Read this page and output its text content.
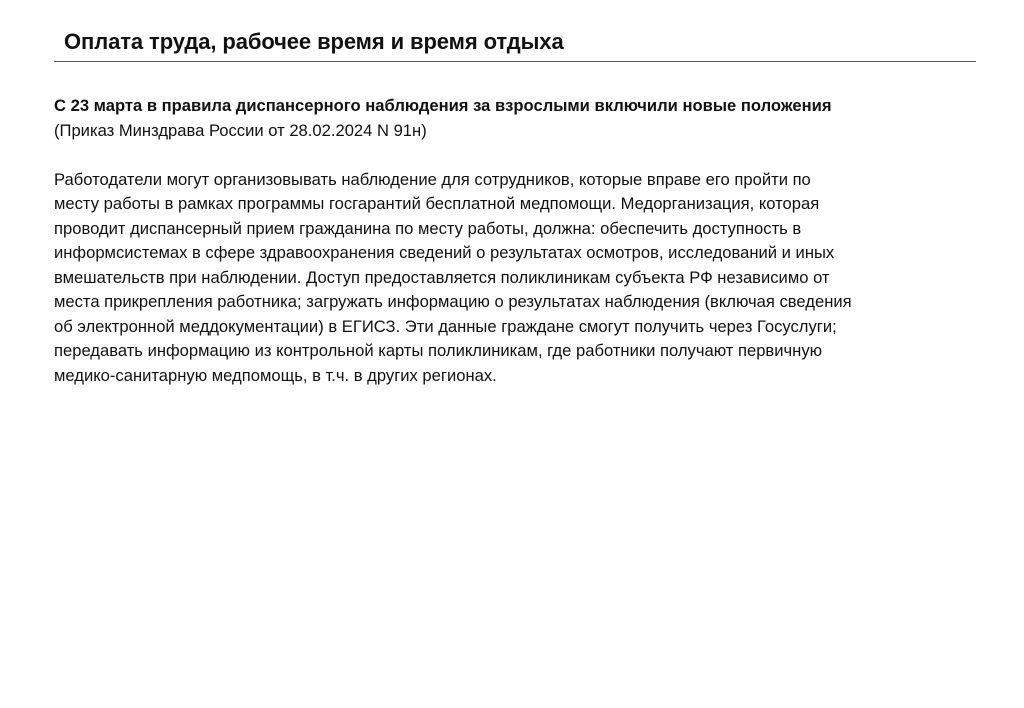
Оплата труда, рабочее время и время отдыха
С 23 марта в правила диспансерного наблюдения за взрослыми включили новые положения
(Приказ Минздрава России от 28.02.2024 N 91н)
Работодатели могут организовывать наблюдение для сотрудников, которые вправе его пройти по
месту работы в рамках программы госгарантий бесплатной медпомощи. Медорганизация, которая
проводит диспансерный прием гражданина по месту работы, должна: обеспечить доступность в
информсистемах в сфере здравоохранения сведений о результатах осмотров, исследований и иных
вмешательств при наблюдении. Доступ предоставляется поликлиникам субъекта РФ независимо от
места прикрепления работника; загружать информацию о результатах наблюдения (включая сведения
об электронной меддокументации) в ЕГИСЗ. Эти данные граждане смогут получить через Госуслуги;
передавать информацию из контрольной карты поликлиникам, где работники получают первичную
медико-санитарную медпомощь, в т.ч. в других регионах.
